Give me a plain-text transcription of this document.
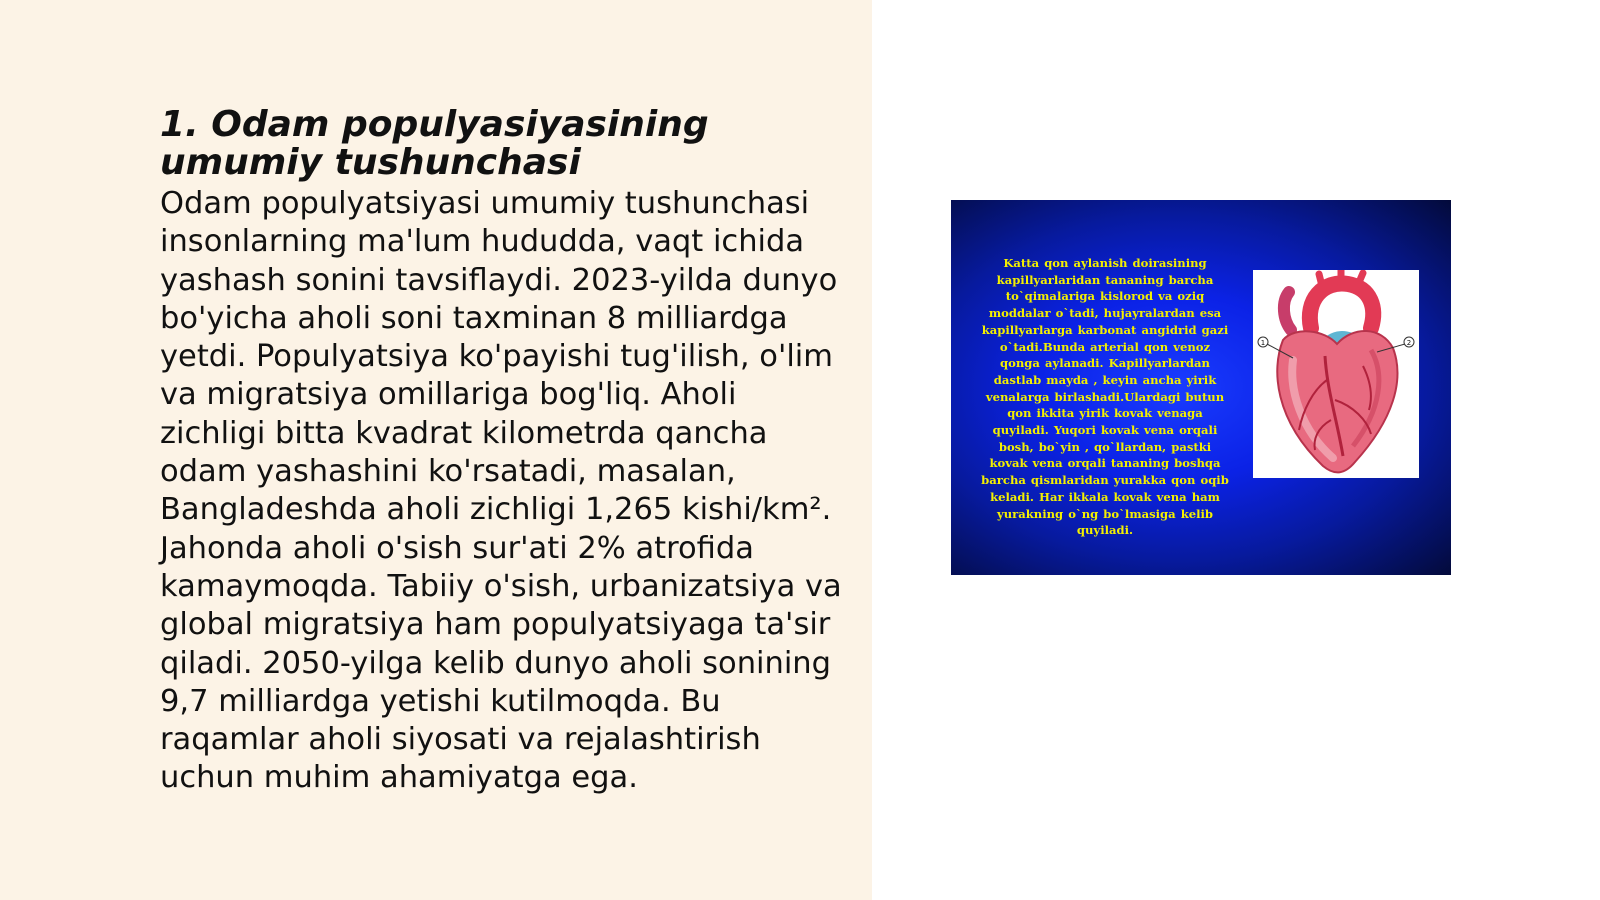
1. Odam populyasiyasining umumiy tushunchasi

Odam populyatsiyasi umumiy tushunchasi insonlarning ma'lum hududda, vaqt ichida yashash sonini tavsiflaydi. 2023-yilda dunyo bo'yicha aholi soni taxminan 8 milliardga yetdi. Populyatsiya ko'payishi tug'ilish, o'lim va migratsiya omillariga bog'liq. Aholi zichligi bitta kvadrat kilometrda qancha odam yashashini ko'rsatadi, masalan, Bangladeshda aholi zichligi 1,265 kishi/km². Jahonda aholi o'sish sur'ati 2% atrofida kamaymoqda. Tabiiy o'sish, urbanizatsiya va global migratsiya ham populyatsiyaga ta'sir qiladi. 2050-yilga kelib dunyo aholi sonining 9,7 milliardga yetishi kutilmoqda. Bu raqamlar aholi siyosati va rejalashtirish uchun muhim ahamiyatga ega.

Katta qon aylanish doirasining kapillyarlaridan tananing barcha to`qimalariga kislorod va oziq moddalar o`tadi, hujayralardan esa kapillyarlarga karbonat angidrid gazi o`tadi.Bunda arterial qon venoz qonga aylanadi. Kapillyarlardan dastlab mayda , keyin ancha yirik venalarga birlashadi.Ulardagi butun qon ikkita yirik kovak venaga quyiladi. Yuqori kovak vena orqali bosh, bo`yin , qo`llardan, pastki kovak vena orqali tananing boshqa barcha qismlaridan yurakka qon oqib keladi. Har ikkala kovak vena ham yurakning o`ng bo`lmasiga kelib quyiladi.

1	2
